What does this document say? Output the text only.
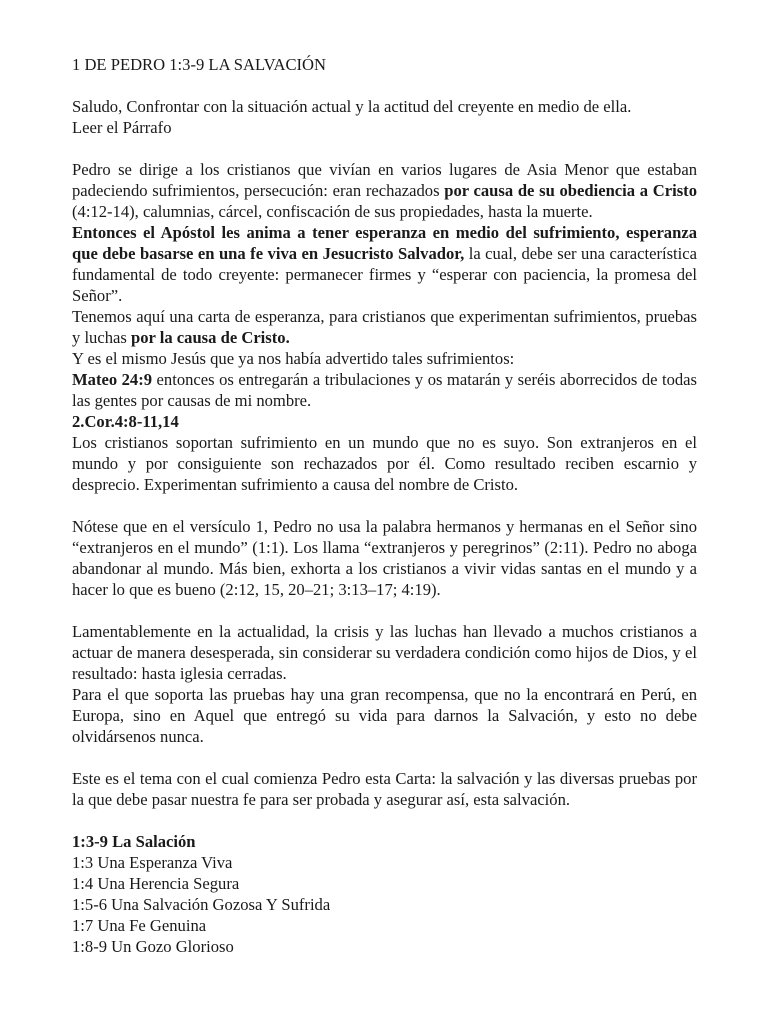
1 DE PEDRO 1:3-9 LA SALVACIÓN

Saludo, Confrontar con la situación actual y la actitud del creyente en medio de ella.

Leer el Párrafo

Pedro se dirige a los cristianos que vivían en varios lugares de Asia Menor que estaban padeciendo sufrimientos, persecución: eran rechazados por causa de su obediencia a Cristo (4:12-14), calumnias, cárcel, confiscación de sus propiedades, hasta la muerte.

Entonces el Apóstol les anima a tener esperanza en medio del sufrimiento, esperanza que debe basarse en una fe viva en Jesucristo Salvador, la cual, debe ser una característica fundamental de todo creyente: permanecer firmes y “esperar con paciencia, la promesa del Señor”.

Tenemos aquí una carta de esperanza, para cristianos que experimentan sufrimientos, pruebas y luchas por la causa de Cristo.

Y es el mismo Jesús que ya nos había advertido tales sufrimientos:

Mateo 24:9 entonces os entregarán a tribulaciones y os matarán y seréis aborrecidos de todas las gentes por causas de mi nombre.

2.Cor.4:8-11,14

Los cristianos soportan sufrimiento en un mundo que no es suyo. Son extranjeros en el mundo y por consiguiente son rechazados por él. Como resultado reciben escarnio y desprecio. Experimentan sufrimiento a causa del nombre de Cristo.

Nótese que en el versículo 1, Pedro no usa la palabra hermanos y hermanas en el Señor sino “extranjeros en el mundo” (1:1). Los llama “extranjeros y peregrinos” (2:11). Pedro no aboga abandonar al mundo. Más bien, exhorta a los cristianos a vivir vidas santas en el mundo y a hacer lo que es bueno (2:12, 15, 20–21; 3:13–17; 4:19).

Lamentablemente en la actualidad, la crisis y las luchas han llevado a muchos cristianos a actuar de manera desesperada, sin considerar su verdadera condición como hijos de Dios, y el resultado: hasta iglesia cerradas.

Para el que soporta las pruebas hay una gran recompensa, que no la encontrará en Perú, en Europa, sino en Aquel que entregó su vida para darnos la Salvación, y esto no debe olvidársenos nunca.

Este es el tema con el cual comienza Pedro esta Carta: la salvación y las diversas pruebas por la que debe pasar nuestra fe para ser probada y asegurar así, esta salvación.

1:3-9 La Salación

1:3 Una Esperanza Viva

1:4 Una Herencia Segura

1:5-6 Una Salvación Gozosa Y Sufrida

1:7 Una Fe Genuina

1:8-9 Un Gozo Glorioso
